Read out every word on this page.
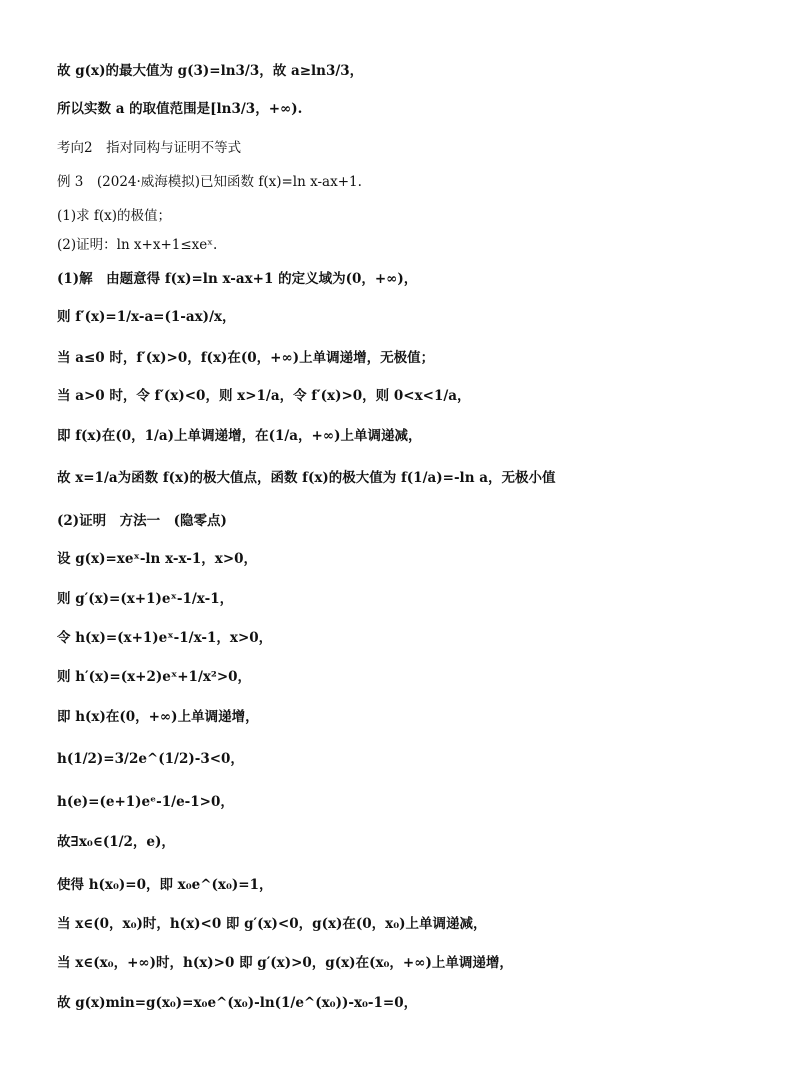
故 g(x)的最大值为 g(3)=ln3/3，故 a≥ln3/3，
所以实数 a 的取值范围是[ln3/3，+∞).
考向2　指对同构与证明不等式
例 3　(2024·威海模拟)已知函数 f(x)=ln x-ax+1.
(1)求 f(x)的极值；
(2)证明：ln x+x+1≤xeˣ.
(1)解　由题意得 f(x)=ln x-ax+1 的定义域为(0，+∞)，
则 f′(x)=1/x-a=(1-ax)/x，
当 a≤0 时，f′(x)>0，f(x)在(0，+∞)上单调递增，无极值；
当 a>0 时，令 f′(x)<0，则 x>1/a，令 f′(x)>0，则 0<x<1/a，
即 f(x)在(0，1/a)上单调递增，在(1/a，+∞)上单调递减，
故 x=1/a为函数 f(x)的极大值点，函数 f(x)的极大值为 f(1/a)=-ln a，无极小值
(2)证明　方法一　(隐零点)
设 g(x)=xeˣ-ln x-x-1，x>0，
则 g′(x)=(x+1)eˣ-1/x-1，
令 h(x)=(x+1)eˣ-1/x-1，x>0，
则 h′(x)=(x+2)eˣ+1/x²>0，
即 h(x)在(0，+∞)上单调递增，
h(1/2)=3/2e^(1/2)-3<0，
h(e)=(e+1)eᵉ-1/e-1>0，
故∃x₀∈(1/2，e)，
使得 h(x₀)=0，即 x₀e^(x₀)=1，
当 x∈(0，x₀)时，h(x)<0 即 g′(x)<0，g(x)在(0，x₀)上单调递减，
当 x∈(x₀，+∞)时，h(x)>0 即 g′(x)>0，g(x)在(x₀，+∞)上单调递增，
故 g(x)min=g(x₀)=x₀e^(x₀)-ln(1/e^(x₀))-x₀-1=0，
